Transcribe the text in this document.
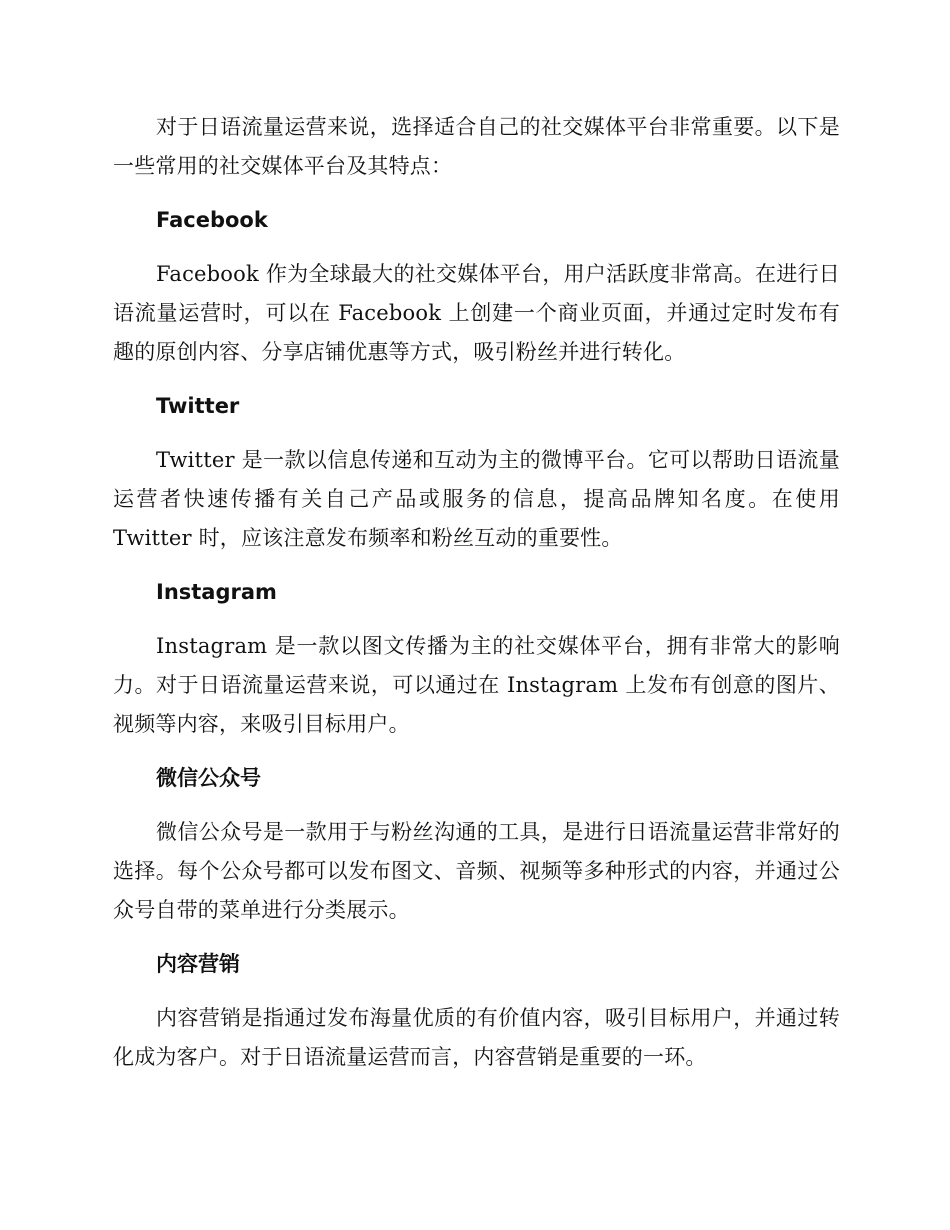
对于日语流量运营来说，选择适合自己的社交媒体平台非常重要。以下是一些常用的社交媒体平台及其特点：

Facebook

Facebook 作为全球最大的社交媒体平台，用户活跃度非常高。在进行日语流量运营时，可以在 Facebook 上创建一个商业页面，并通过定时发布有趣的原创内容、分享店铺优惠等方式，吸引粉丝并进行转化。

Twitter

Twitter 是一款以信息传递和互动为主的微博平台。它可以帮助日语流量运营者快速传播有关自己产品或服务的信息，提高品牌知名度。在使用 Twitter 时，应该注意发布频率和粉丝互动的重要性。

Instagram

Instagram 是一款以图文传播为主的社交媒体平台，拥有非常大的影响力。对于日语流量运营来说，可以通过在 Instagram 上发布有创意的图片、视频等内容，来吸引目标用户。

微信公众号

微信公众号是一款用于与粉丝沟通的工具，是进行日语流量运营非常好的选择。每个公众号都可以发布图文、音频、视频等多种形式的内容，并通过公众号自带的菜单进行分类展示。

内容营销

内容营销是指通过发布海量优质的有价值内容，吸引目标用户，并通过转化成为客户。对于日语流量运营而言，内容营销是重要的一环。
